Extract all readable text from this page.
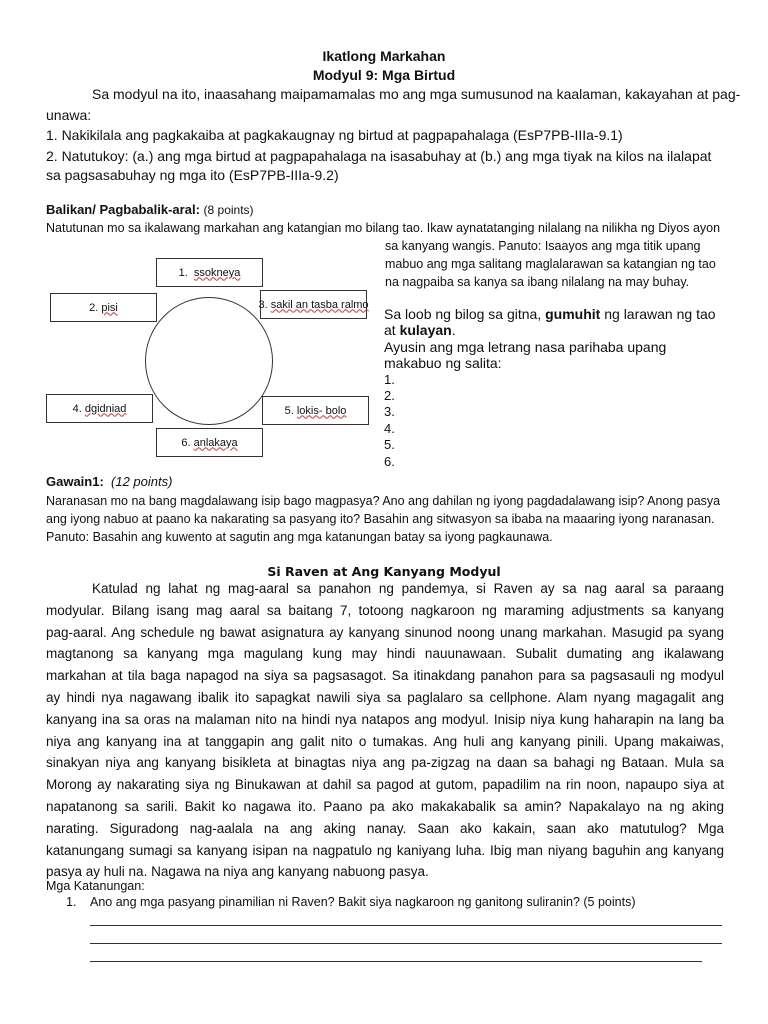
Ikatlong Markahan
Modyul 9: Mga Birtud
Sa modyul na ito, inaasahang maipamamalas mo ang mga sumusunod na kaalaman, kakayahan at pag-
unawa:
1. Nakikilala ang pagkakaiba at pagkakaugnay ng birtud at pagpapahalaga (EsP7PB-IIIa-9.1)
2. Natutukoy: (a.) ang mga birtud at pagpapahalaga na isasabuhay at (b.) ang mga tiyak na kilos na ilalapat
sa pagsasabuhay ng mga ito (EsP7PB-IIIa-9.2)
Balikan/ Pagbabalik-aral: (8 points)
Natutunan mo sa ikalawang markahan ang katangian mo bilang tao. Ikaw aynatatanging nilalang na nilikha ng Diyos ayon
sa kanyang wangis. Panuto: Isaayos ang mga titik upang
mabuo ang mga salitang maglalarawan sa katangian ng tao
na nagpaiba sa kanya sa ibang nilalang na may buhay.
1.
ssokneya
2.
pisi	3.
sakil an tasba ralmo
4.
dgidniad	5.
lokis- bolo
6.
anlakaya
Sa loob ng bilog sa gitna, gumuhit ng larawan ng tao
at kulayan.
Ayusin ang mga letrang nasa parihaba upang
makabuo ng salita:
1.
2.
3.
4.
5.
6.
Gawain1: (12 points)
Naranasan mo na bang magdalawang isip bago magpasya? Ano ang dahilan ng iyong pagdadalawang isip? Anong pasya
ang iyong nabuo at paano ka nakarating sa pasyang ito? Basahin ang sitwasyon sa ibaba na maaaring iyong naranasan.
Panuto: Basahin ang kuwento at sagutin ang mga katanungan batay sa iyong pagkaunawa.
Si Raven at Ang Kanyang Modyul
Katulad ng lahat ng mag-aaral sa panahon ng pandemya, si Raven ay sa nag aaral sa paraang
modyular. Bilang isang mag aaral sa baitang 7, totoong nagkaroon ng maraming adjustments sa kanyang
pag-aaral. Ang schedule ng bawat asignatura ay kanyang sinunod noong unang markahan. Masugid pa syang
magtanong sa kanyang mga magulang kung may hindi nauunawaan. Subalit dumating ang ikalawang
markahan at tila baga napagod na siya sa pagsasagot. Sa itinakdang panahon para sa pagsasauli ng modyul
ay hindi nya nagawang ibalik ito sapagkat nawili siya sa paglalaro sa cellphone. Alam nyang magagalit ang
kanyang ina sa oras na malaman nito na hindi nya natapos ang modyul. Inisip niya kung haharapin na lang ba
niya ang kanyang ina at tanggapin ang galit nito o tumakas. Ang huli ang kanyang pinili. Upang makaiwas,
sinakyan niya ang kanyang bisikleta at binagtas niya ang pa-zigzag na daan sa bahagi ng Bataan. Mula sa
Morong ay nakarating siya ng Binukawan at dahil sa pagod at gutom, papadilim na rin noon, napaupo siya at
napatanong sa sarili. Bakit ko nagawa ito. Paano pa ako makakabalik sa amin? Napakalayo na ng aking
narating. Siguradong nag-aalala na ang aking nanay. Saan ako kakain, saan ako matutulog? Mga
katanungang sumagi sa kanyang isipan na nagpatulo ng kaniyang luha. Ibig man niyang baguhin ang kanyang
pasya ay huli na. Nagawa na niya ang kanyang nabuong pasya.
Mga Katanungan:
1. Ano ang mga pasyang pinamilian ni Raven? Bakit siya nagkaroon ng ganitong suliranin? (5 points)
